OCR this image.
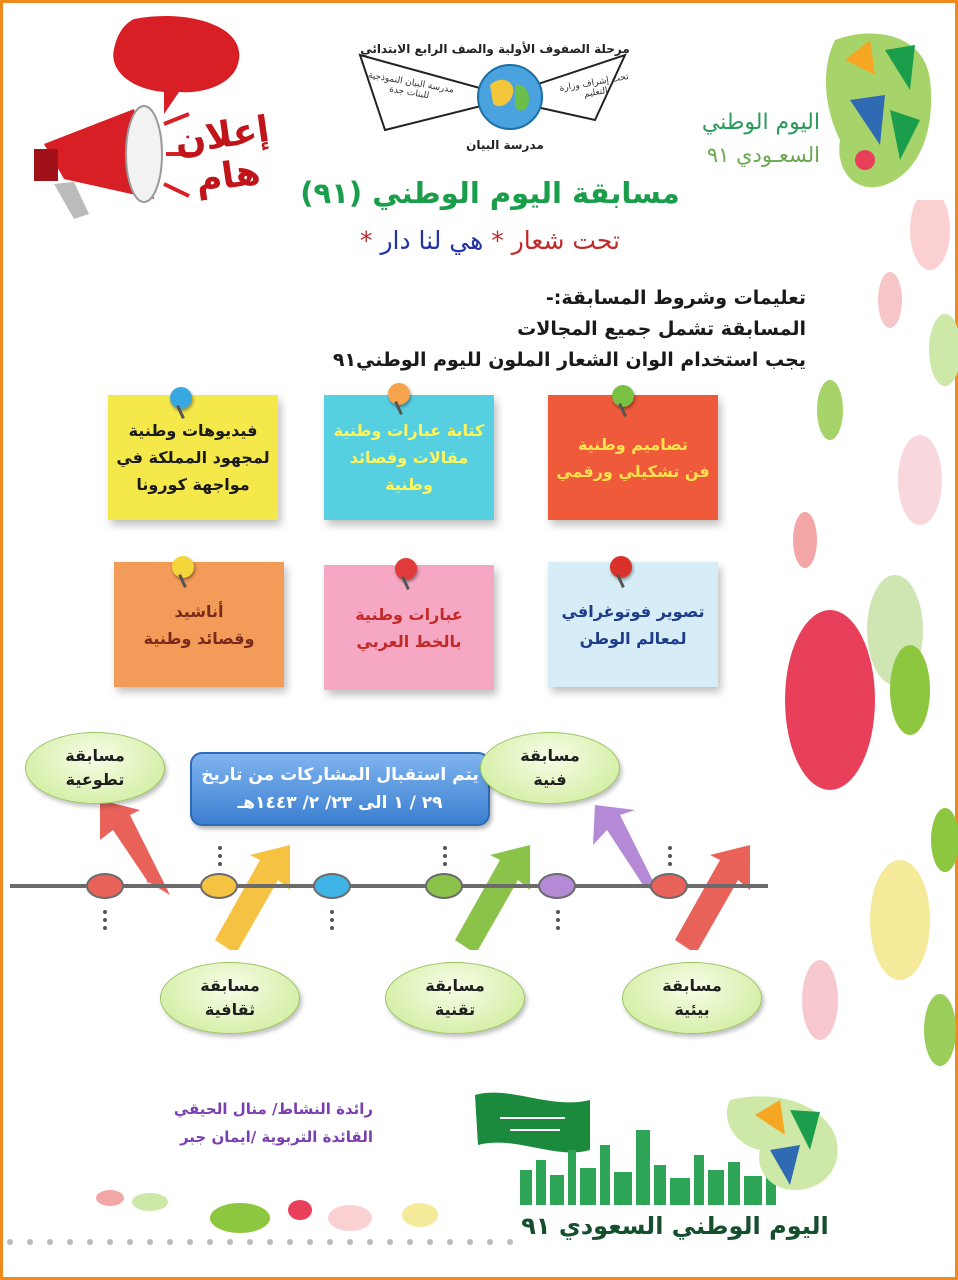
إعلان هام
مرحلة الصفوف الأولية والصف الرابع الابتدائي
مدرسة البيان النموذجية للبنات جدة	تحت إشراف وزارة التعليم
مدرسة البيان
اليوم الوطني
السعـودي ٩١
مسابقة اليوم الوطني (٩١)
تحت شعار * هي لنا دار *
تعليمات وشروط المسابقة:-
المسابقة تشمل جميع المجالات
يجب استخدام الوان الشعار الملون لليوم الوطني٩١
تصاميم وطنية
فن تشكيلي ورقمي
كتابة عبارات وطنية
مقالات وقصائد
وطنية
فيديوهات وطنية
لمجهود المملكة في
مواجهة كورونا
تصوير فوتوغرافي
لمعالم الوطن
عبارات وطنية
بالخط العربي
أناشيد
وقصائد وطنية
يتم استقبال المشاركات من تاريخ
٢٩ / ١ الى ٢٣/ ٢/ ١٤٤٣هـ
مسابقة
تطوعية
مسابقة
فنية
مسابقة
ثقافية
مسابقة
تقنية
مسابقة
بيئية
رائدة النشاط/ منال الحيقي
القائدة التربوية /ايمان جبر
اليوم الوطني السعودي ٩١
